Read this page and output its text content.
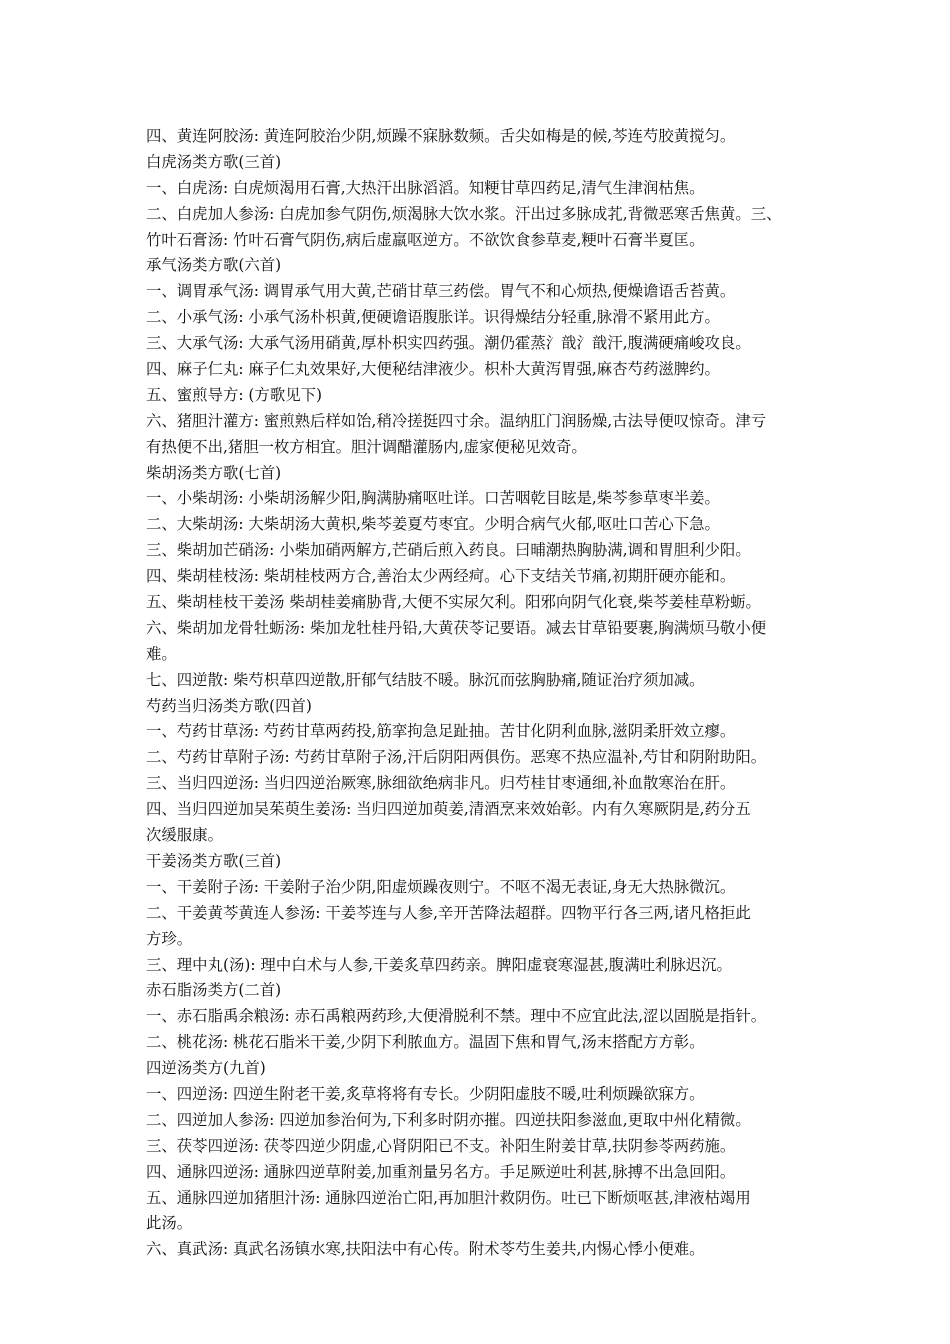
四、黄连阿胶汤: 黄连阿胶治少阴,烦躁不寐脉数频。舌尖如梅是的候,芩连芍胶黄搅匀。
白虎汤类方歌(三首)
一、白虎汤: 白虎烦渴用石膏,大热汗出脉滔滔。知粳甘草四药足,清气生津润枯焦。
二、白虎加人参汤: 白虎加参气阴伤,烦渴脉大饮水浆。汗出过多脉成芤,背微恶寒舌焦黄。三、
竹叶石膏汤: 竹叶石膏气阴伤,病后虚羸呕逆方。不欲饮食参草麦,粳叶石膏半夏匡。
承气汤类方歌(六首)
一、调胃承气汤: 调胃承气用大黄,芒硝甘草三药偿。胃气不和心烦热,便燥谵语舌苔黄。
二、小承气汤: 小承气汤朴枳黄,便硬谵语腹胀详。识得燥结分轻重,脉滑不紧用此方。
三、大承气汤: 大承气汤用硝黄,厚朴枳实四药强。潮仍霍蒸氵戠氵戠汗,腹满硬痛峻攻良。
四、麻子仁丸: 麻子仁丸效果好,大便秘结津液少。枳朴大黄泻胃强,麻杏芍药滋脾约。
五、蜜煎导方: (方歌见下)
六、猪胆汁灌方: 蜜煎熟后样如饴,稍冷搓挺四寸余。温纳肛门润肠燥,古法导便叹惊奇。津亏
有热便不出,猪胆一枚方相宜。胆汁调醋灌肠内,虚家便秘见效奇。
柴胡汤类方歌(七首)
一、小柴胡汤: 小柴胡汤解少阳,胸满胁痛呕吐详。口苦咽乾目眩是,柴芩参草枣半姜。
二、大柴胡汤: 大柴胡汤大黄枳,柴芩姜夏芍枣宜。少明合病气火郁,呕吐口苦心下急。
三、柴胡加芒硝汤: 小柴加硝两解方,芒硝后煎入药良。曰晡潮热胸胁满,调和胃胆利少阳。
四、柴胡桂枝汤: 柴胡桂枝两方合,善治太少两经疴。心下支结关节痛,初期肝硬亦能和。
五、柴胡桂枝干姜汤 柴胡桂姜痛胁背,大便不实尿欠利。阳邪向阴气化衰,柴芩姜桂草粉蛎。
六、柴胡加龙骨牡蛎汤: 柴加龙牡桂丹铅,大黄茯苓记要语。减去甘草铅要裹,胸满烦马敬小便
难。
七、四逆散: 柴芍枳草四逆散,肝郁气结肢不暖。脉沉而弦胸胁痛,随证治疗须加减。
芍药当归汤类方歌(四首)
一、芍药甘草汤: 芍药甘草两药投,筋挛拘急足趾抽。苦甘化阴利血脉,滋阴柔肝效立瘳。
二、芍药甘草附子汤: 芍药甘草附子汤,汗后阴阳两俱伤。恶寒不热应温补,芍甘和阴附助阳。
三、当归四逆汤: 当归四逆治厥寒,脉细欲绝病非凡。归芍桂甘枣通细,补血散寒治在肝。
四、当归四逆加吴茱萸生姜汤: 当归四逆加萸姜,清酒烹来效始彰。内有久寒厥阴是,药分五
次缓服康。
干姜汤类方歌(三首)
一、干姜附子汤: 干姜附子治少阴,阳虚烦躁夜则宁。不呕不渴无表证,身无大热脉微沉。
二、干姜黄芩黄连人参汤: 干姜芩连与人参,辛开苦降法超群。四物平行各三两,诸凡格拒此
方珍。
三、理中丸(汤): 理中白术与人参,干姜炙草四药亲。脾阳虚衰寒湿甚,腹满吐利脉迟沉。
赤石脂汤类方(二首)
一、赤石脂禹余粮汤: 赤石禹粮两药珍,大便滑脱利不禁。理中不应宜此法,涩以固脱是指针。
二、桃花汤: 桃花石脂米干姜,少阴下利脓血方。温固下焦和胃气,汤末搭配方方彰。
四逆汤类方(九首)
一、四逆汤: 四逆生附老干姜,炙草将将有专长。少阴阳虚肢不暖,吐利烦躁欲寐方。
二、四逆加人参汤: 四逆加参治何为,下利多时阴亦摧。四逆扶阳参滋血,更取中州化精微。
三、茯苓四逆汤: 茯苓四逆少阴虚,心肾阴阳已不支。补阳生附姜甘草,扶阴参苓两药施。
四、通脉四逆汤: 通脉四逆草附姜,加重剂量另名方。手足厥逆吐利甚,脉搏不出急回阳。
五、通脉四逆加猪胆汁汤: 通脉四逆治亡阳,再加胆汁救阴伤。吐已下断烦呕甚,津液枯竭用
此汤。
六、真武汤: 真武名汤镇水寒,扶阳法中有心传。附术苓芍生姜共,内惕心悸小便难。
